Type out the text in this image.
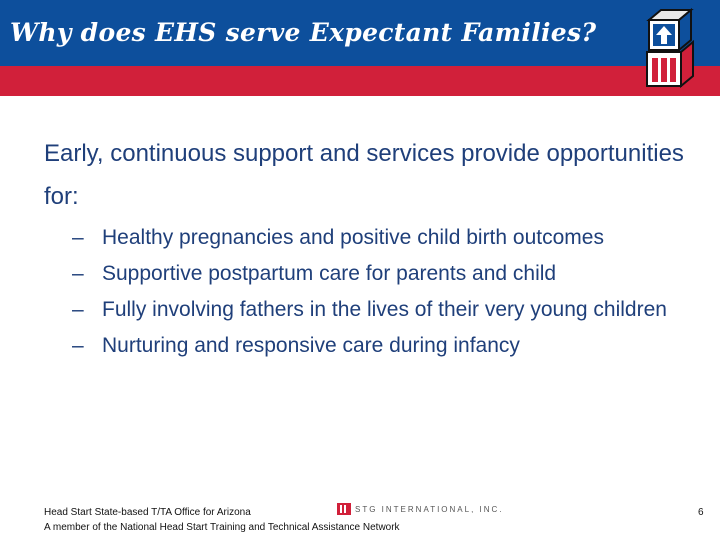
Why does EHS serve Expectant Families?

Early, continuous support and services provide opportunities for:

– Healthy pregnancies and positive child birth outcomes
– Supportive postpartum care for parents and child
– Fully involving fathers in the lives of their very young children
– Nurturing and responsive care during infancy
Head Start State-based T/TA Office for Arizona
A member of the National Head Start Training and Technical Assistance Network
STG INTERNATIONAL, INC.	6
